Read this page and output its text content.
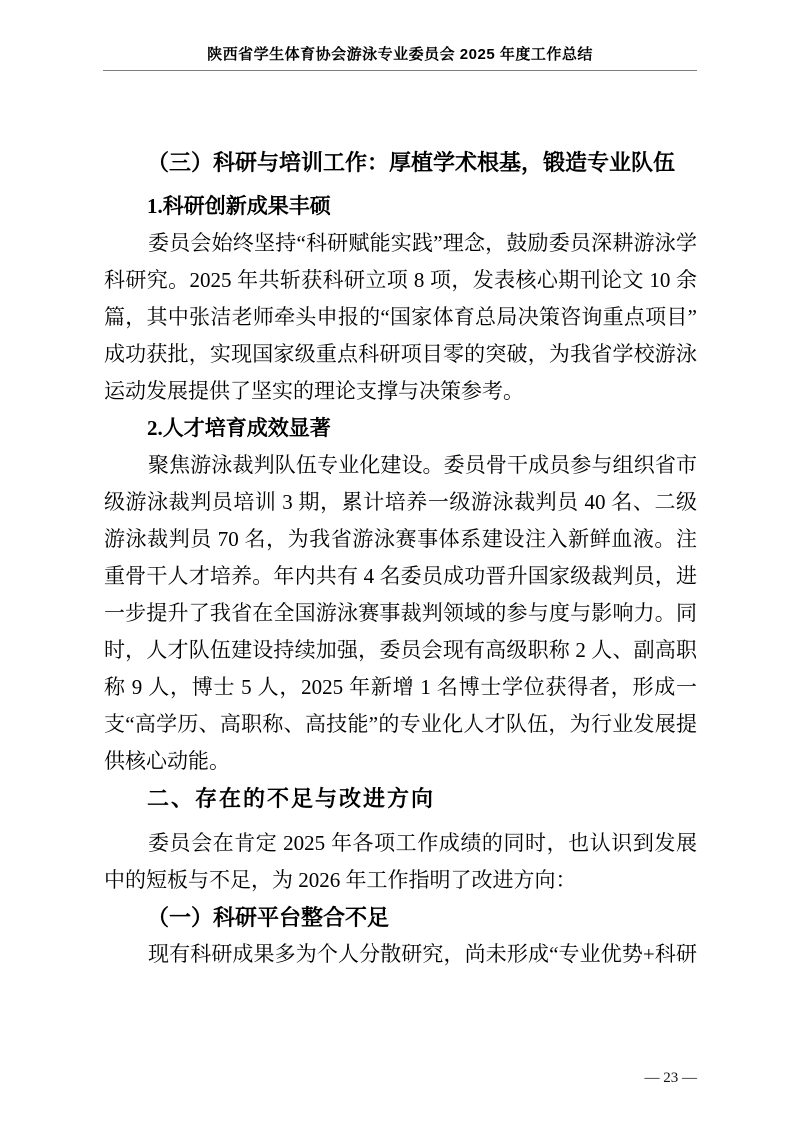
陕西省学生体育协会游泳专业委员会 2025 年度工作总结
（三）科研与培训工作：厚植学术根基，锻造专业队伍
1.科研创新成果丰硕
委员会始终坚持“科研赋能实践”理念，鼓励委员深耕游泳学
科研究。2025 年共斩获科研立项 8 项，发表核心期刊论文 10 余
篇，其中张洁老师牵头申报的“国家体育总局决策咨询重点项目”
成功获批，实现国家级重点科研项目零的突破，为我省学校游泳
运动发展提供了坚实的理论支撑与决策参考。
2.人才培育成效显著
聚焦游泳裁判队伍专业化建设。委员骨干成员参与组织省市
级游泳裁判员培训 3 期，累计培养一级游泳裁判员 40 名、二级
游泳裁判员 70 名，为我省游泳赛事体系建设注入新鲜血液。注
重骨干人才培养。年内共有 4 名委员成功晋升国家级裁判员，进
一步提升了我省在全国游泳赛事裁判领域的参与度与影响力。同
时，人才队伍建设持续加强，委员会现有高级职称 2 人、副高职
称 9 人，博士 5 人，2025 年新增 1 名博士学位获得者，形成一
支“高学历、高职称、高技能”的专业化人才队伍，为行业发展提
供核心动能。
二、存在的不足与改进方向
委员会在肯定 2025 年各项工作成绩的同时，也认识到发展
中的短板与不足，为 2026 年工作指明了改进方向：
（一）科研平台整合不足
现有科研成果多为个人分散研究，尚未形成“专业优势+科研
— 23 —
